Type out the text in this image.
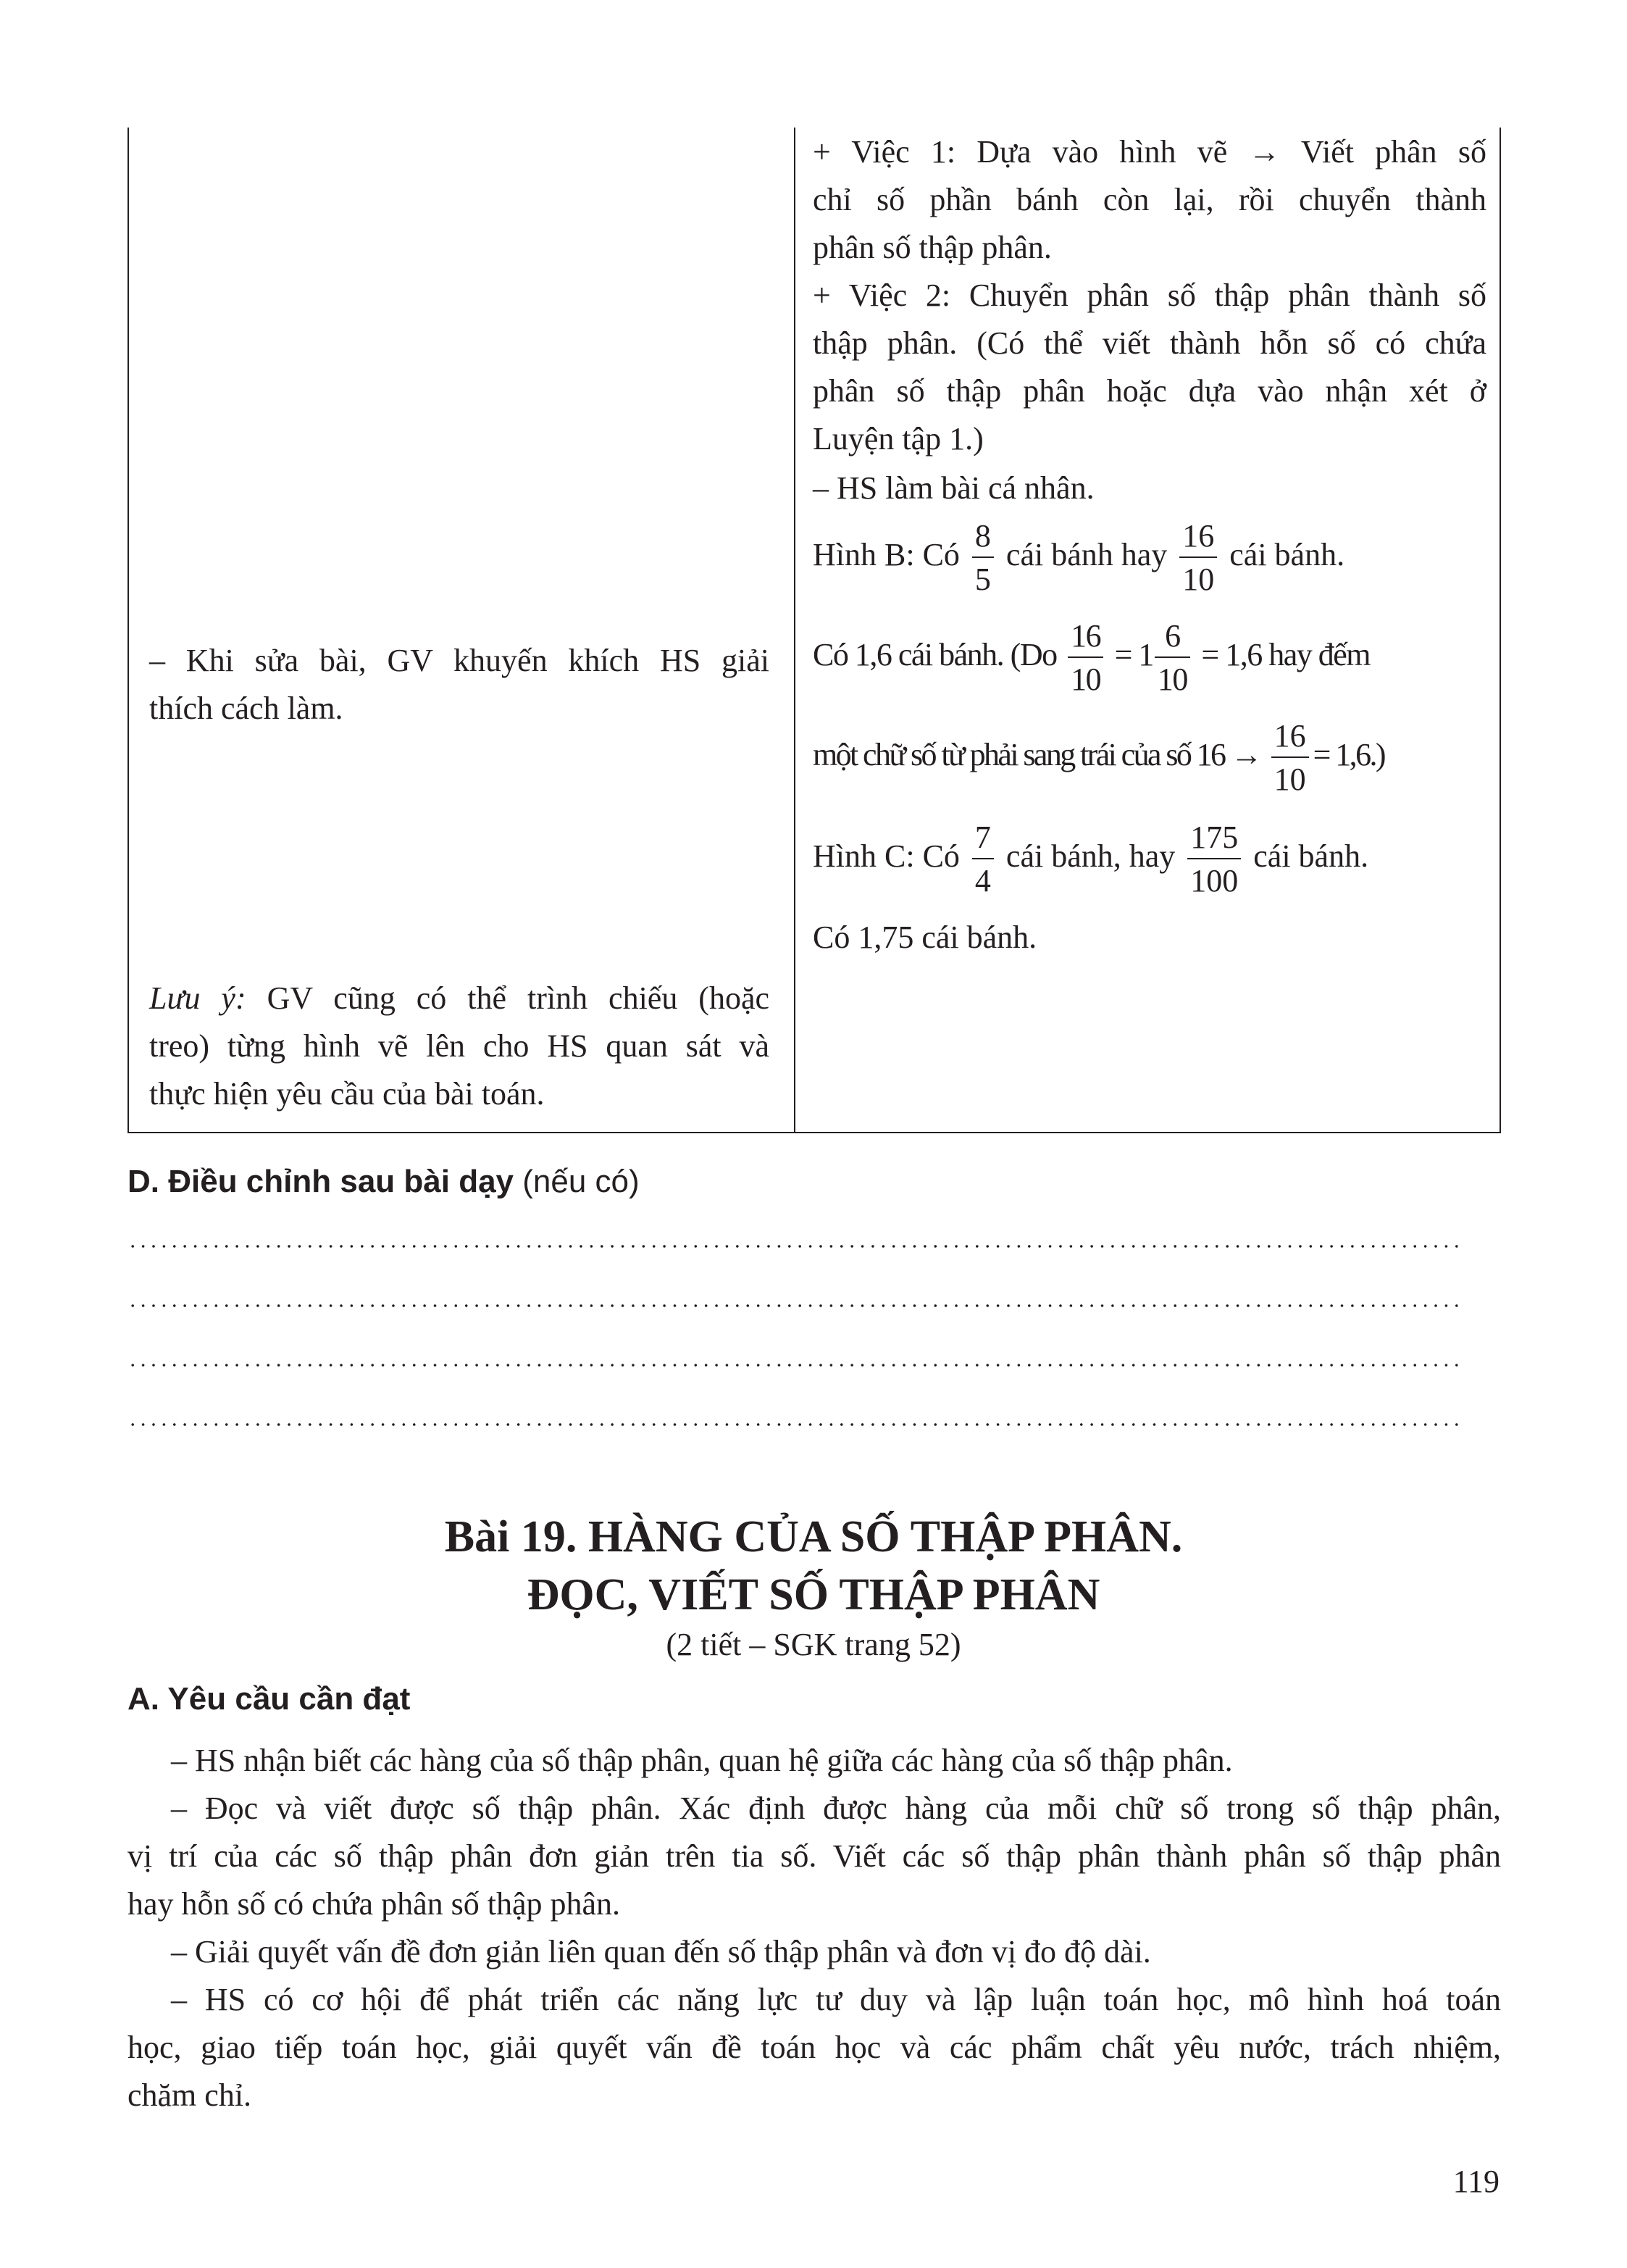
+ Việc 1: Dựa vào hình vẽ → Viết phân số
chỉ số phần bánh còn lại, rồi chuyển thành
phân số thập phân.
+ Việc 2: Chuyển phân số thập phân thành số
thập phân. (Có thể viết thành hỗn số có chứa
phân số thập phân hoặc dựa vào nhận xét ở
Luyện tập 1.)
– HS làm bài cá nhân.
Hình B: Có $\frac{8}{5}$ cái bánh hay $\frac{16}{10}$ cái bánh.
Có 1,6 cái bánh. ($Do \frac{16}{10} = 1 \frac{6}{10} = 1,6$ hay đếm
một chữ số từ phải sang trái của số $16 \to \frac{16}{10} = 1,6$.)
Hình C: Có $\frac{7}{4}$ cái bánh, hay $\frac{175}{100}$ cái bánh.
Có 1,75 cái bánh.
– Khi sửa bài, GV khuyến khích HS giải
thích cách làm.
Lưu ý: GV cũng có thể trình chiếu (hoặc
treo) từng hình vẽ lên cho HS quan sát và
thực hiện yêu cầu của bài toán.
D. Điều chỉnh sau bài dạy (nếu có)
Bài 19. HÀNG CỦA SỐ THẬP PHÂN.
ĐỌC, VIẾT SỐ THẬP PHÂN
(2 tiết – SGK trang 52)
A. Yêu cầu cần đạt
– HS nhận biết các hàng của số thập phân, quan hệ giữa các hàng của số thập phân.
– Đọc và viết được số thập phân. Xác định được hàng của mỗi chữ số trong số thập phân,
vị trí của các số thập phân đơn giản trên tia số. Viết các số thập phân thành phân số thập phân
hay hỗn số có chứa phân số thập phân.
– Giải quyết vấn đề đơn giản liên quan đến số thập phân và đơn vị đo độ dài.
– HS có cơ hội để phát triển các năng lực tư duy và lập luận toán học, mô hình hoá toán
học, giao tiếp toán học, giải quyết vấn đề toán học và các phẩm chất yêu nước, trách nhiệm,
chăm chỉ.
119
